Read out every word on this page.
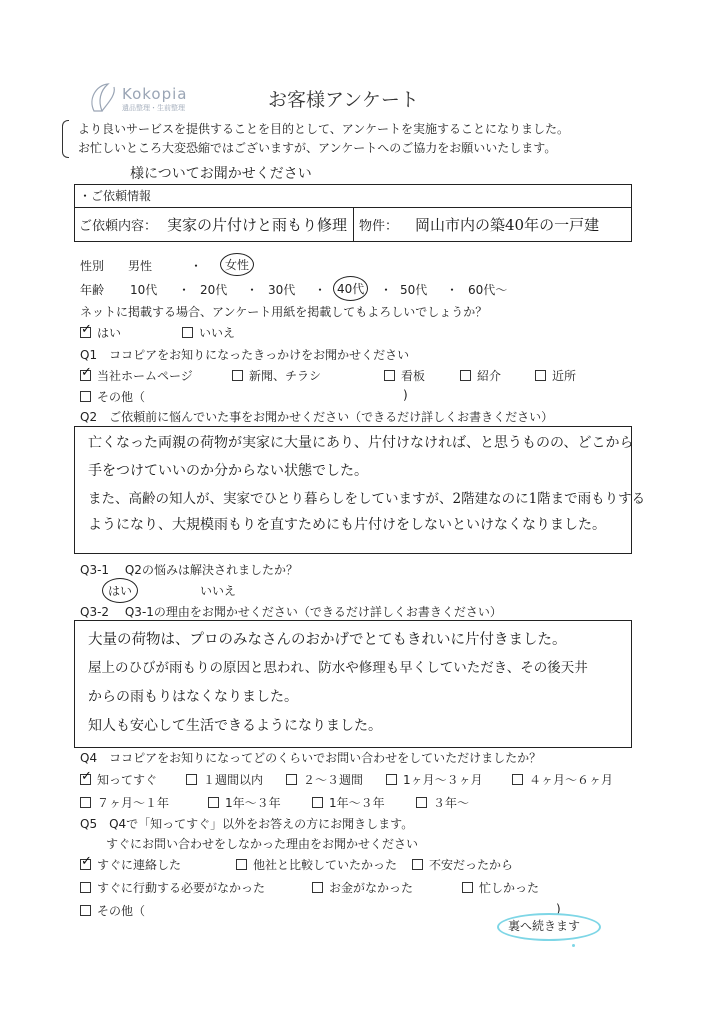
Kokopia
遺品整理・生前整理	お客様アンケート
より良いサービスを提供することを目的として、アンケートを実施することになりました。
お忙しいところ大変恐縮ではございますが、アンケートへのご協力をお願いいたします。
様についてお聞かせください
・ご依頼情報
ご依頼内容： 実家の片付けと雨もり修理 物件： 岡山市内の築40年の一戸建
性別 男性	・	女性
年齢 10代 ・ 20代 ・ 30代 ・ 40代	・ 50代 ・ 60代〜
ネットに掲載する場合、アンケート用紙を掲載してもよろしいでしょうか？
✓はい	いいえ
Q1　ココピアをお知りになったきっかけをお聞かせください
✓当社ホームページ	新聞、チラシ	看板	紹介	近所
その他（	)
Q2　ご依頼前に悩んでいた事をお聞かせください（できるだけ詳しくお書きください）
亡くなった両親の荷物が実家に大量にあり、片付けなければ、と思うものの、どこから
手をつけていいのか分からない状態でした。
また、高齢の知人が、実家でひとり暮らしをしていますが、2階建なのに1階まで雨もりする
ようになり、大規模雨もりを直すためにも片付けをしないといけなくなりました。
Q3-1　 Q2の悩みは解決されましたか？
はい	いいえ
Q3-2　 Q3-1の理由をお聞かせください（できるだけ詳しくお書きください）
大量の荷物は、プロのみなさんのおかげでとてもきれいに片付きました。
屋上のひびが雨もりの原因と思われ、防水や修理も早くしていただき、その後天井
からの雨もりはなくなりました。
知人も安心して生活できるようになりました。
Q4　ココピアをお知りになってどのくらいでお問い合わせをしていただけましたか？
✓知ってすぐ	１週間以内	２〜３週間	1ヶ月〜３ヶ月	４ヶ月〜６ヶ月
７ヶ月〜１年	1年〜３年	1年〜３年	３年〜
Q5　Q4で「知ってすぐ」以外をお答えの方にお聞きします。
すぐにお問い合わせをしなかった理由をお聞かせください
✓すぐに連絡した	他社と比較していたかった	不安だったから
すぐに行動する必要がなかった	お金がなかった	忙しかった
その他（	)
裏へ続きます
